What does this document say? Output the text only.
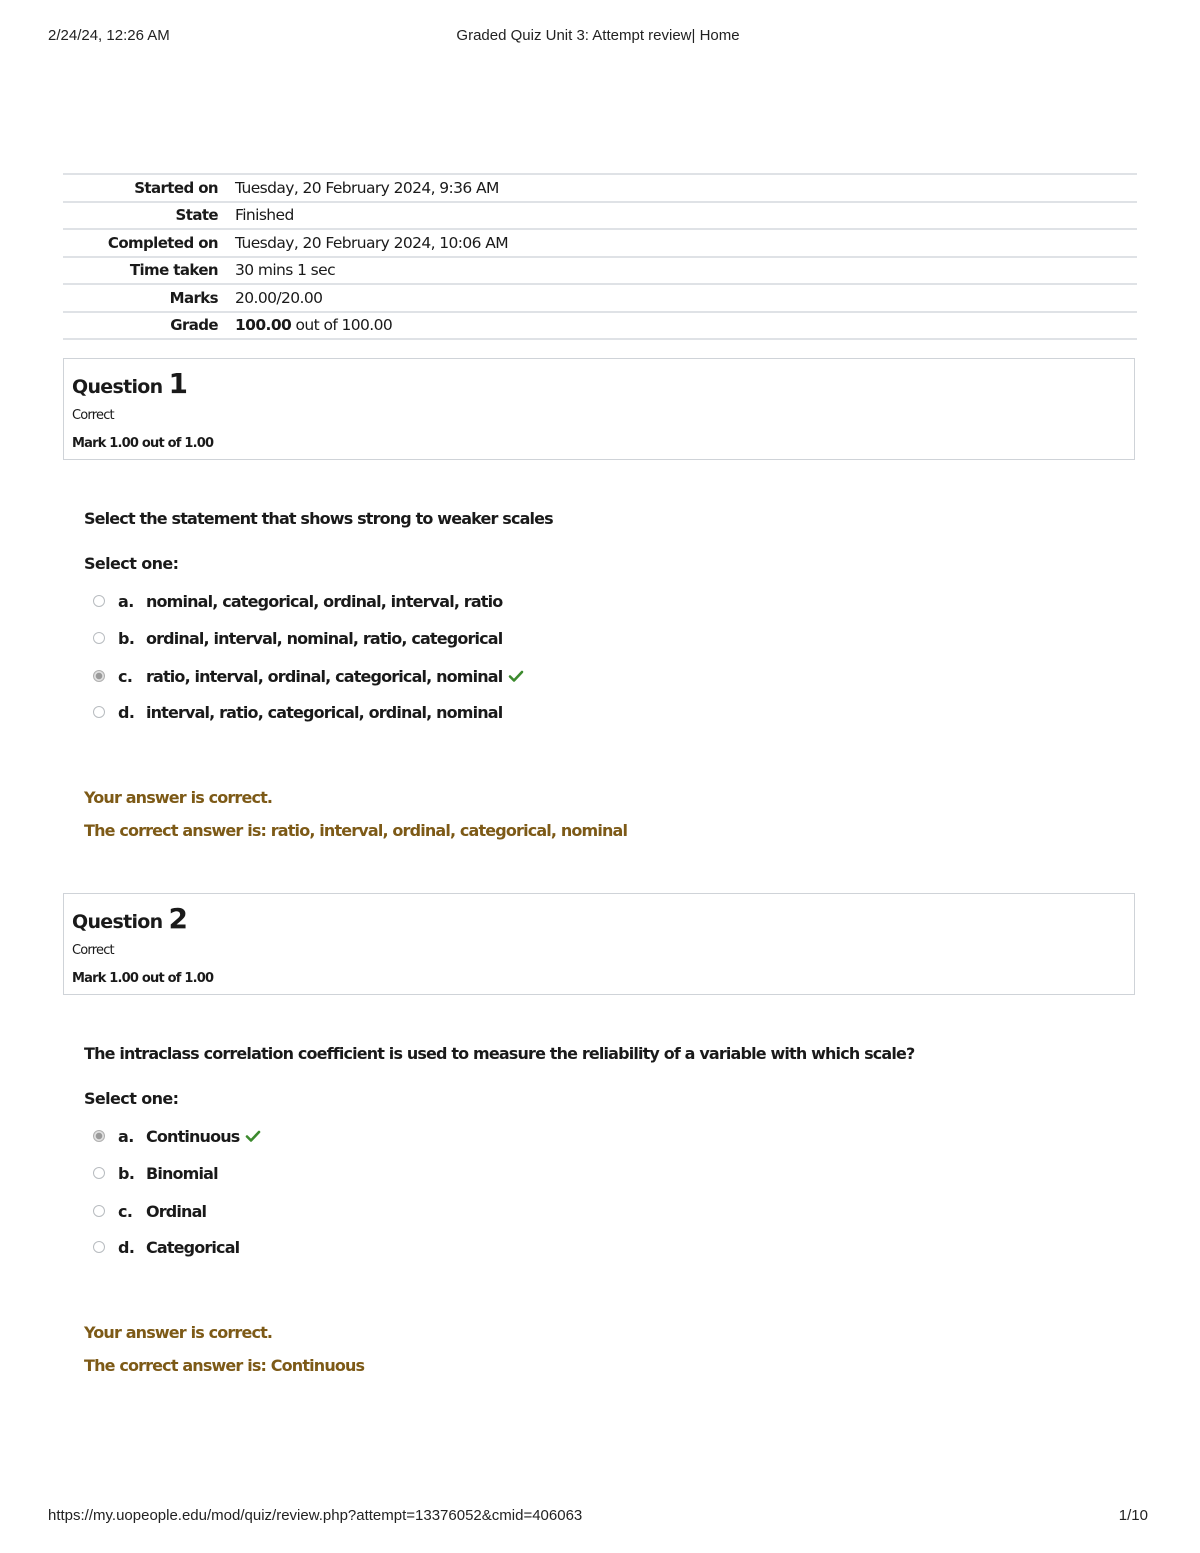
2/24/24, 12:26 AM	Graded Quiz Unit 3: Attempt review| Home
Started on	Tuesday, 20 February 2024, 9:36 AM
State	Finished
Completed on	Tuesday, 20 February 2024, 10:06 AM
Time taken	30 mins 1 sec
Marks	20.00/20.00
Grade	100.00 out of 100.00
Question 1
Correct
Mark 1.00 out of 1.00
Select the statement that shows strong to weaker scales
Select one:
a. nominal, categorical, ordinal, interval, ratio
b. ordinal, interval, nominal, ratio, categorical
c. ratio, interval, ordinal, categorical, nominal
d. interval, ratio, categorical, ordinal, nominal
Your answer is correct.
The correct answer is: ratio, interval, ordinal, categorical, nominal
Question 2
Correct
Mark 1.00 out of 1.00
The intraclass correlation coefficient is used to measure the reliability of a variable with which scale?
Select one:
a. Continuous
b. Binomial
c. Ordinal
d. Categorical
Your answer is correct.
The correct answer is: Continuous
https://my.uopeople.edu/mod/quiz/review.php?attempt=13376052&cmid=406063	1/10
